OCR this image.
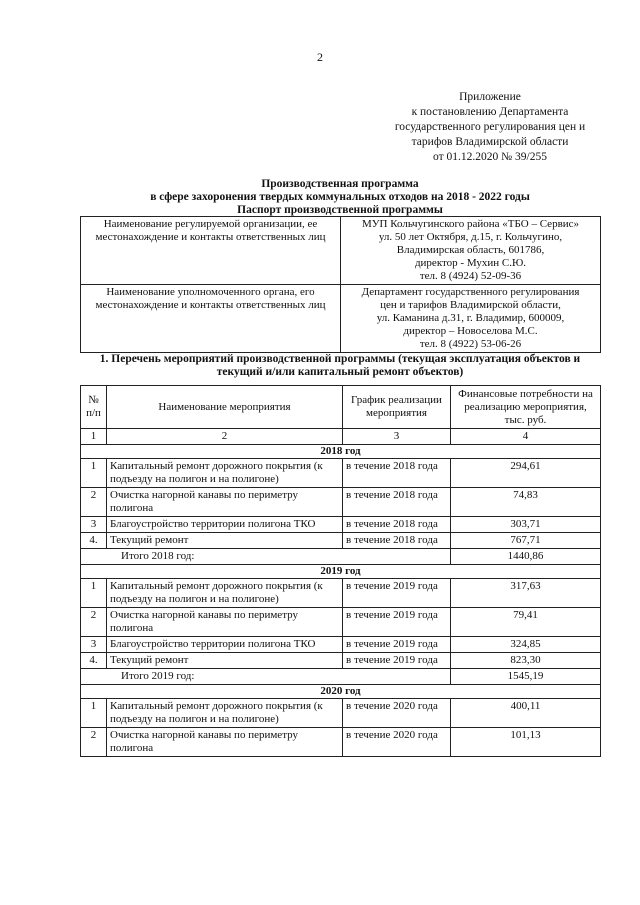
2
Приложение
к постановлению Департамента
государственного регулирования цен и
тарифов Владимирской области
от 01.12.2020 № 39/255
Производственная программа
в сфере захоронения твердых коммунальных отходов на 2018 - 2022 годы
Паспорт производственной программы
Наименование регулируемой организации, ее местонахождение и контакты ответственных лиц	МУП Кольчугинского района «ТБО – Сервис»
ул. 50 лет Октября, д.15, г. Кольчугино,
Владимирская область, 601786,
директор - Мухин С.Ю.
тел. 8 (4924) 52-09-36

Наименование уполномоченного органа, его местонахождение и контакты ответственных лиц	Департамент государственного регулирования
цен и тарифов Владимирской области,
ул. Каманина д.31, г. Владимир, 600009,
директор – Новоселова М.С.
тел. 8 (4922) 53-06-26
1. Перечень мероприятий производственной программы (текущая эксплуатация объектов и
текущий и/или капитальный ремонт объектов)
№ п/п	Наименование мероприятия	График реализации мероприятия	Финансовые потребности на реализацию мероприятия, тыс. руб.
1	2	3	4
2018 год			
1	Капитальный ремонт дорожного покрытия (к подъезду на полигон и на полигоне)	в течение 2018 года	294,61
2	Очистка нагорной канавы по периметру полигона	в течение 2018 года	74,83
3	Благоустройство территории полигона ТКО	в течение 2018 года	303,71
4.	Текущий ремонт	в течение 2018 года	767,71
Итого 2018 год:			1440,86
2019 год			
1	Капитальный ремонт дорожного покрытия (к подъезду на полигон и на полигоне)	в течение 2019 года	317,63
2	Очистка нагорной канавы по периметру полигона	в течение 2019 года	79,41
3	Благоустройство территории полигона ТКО	в течение 2019 года	324,85
4.	Текущий ремонт	в течение 2019 года	823,30
Итого 2019 год:			1545,19
2020 год			
1	Капитальный ремонт дорожного покрытия (к подъезду на полигон и на полигоне)	в течение 2020 года	400,11
2	Очистка нагорной канавы по периметру полигона	в течение 2020 года	101,13
